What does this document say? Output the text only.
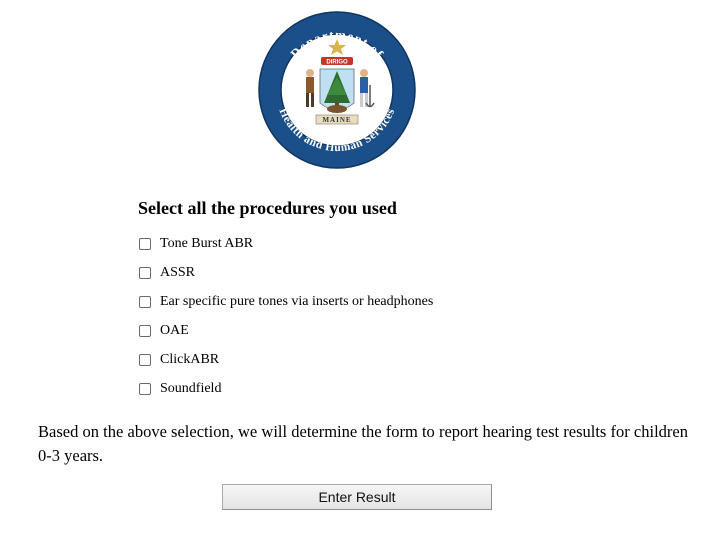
Department of
Health and Human Services
DIRIGO
MAINE
Select all the procedures you used
Tone Burst ABR
ASSR
Ear specific pure tones via inserts or headphones
OAE
ClickABR
Soundfield

Based on the above selection, we will determine the form to report hearing test results for children 0-3 years.

Enter Result
